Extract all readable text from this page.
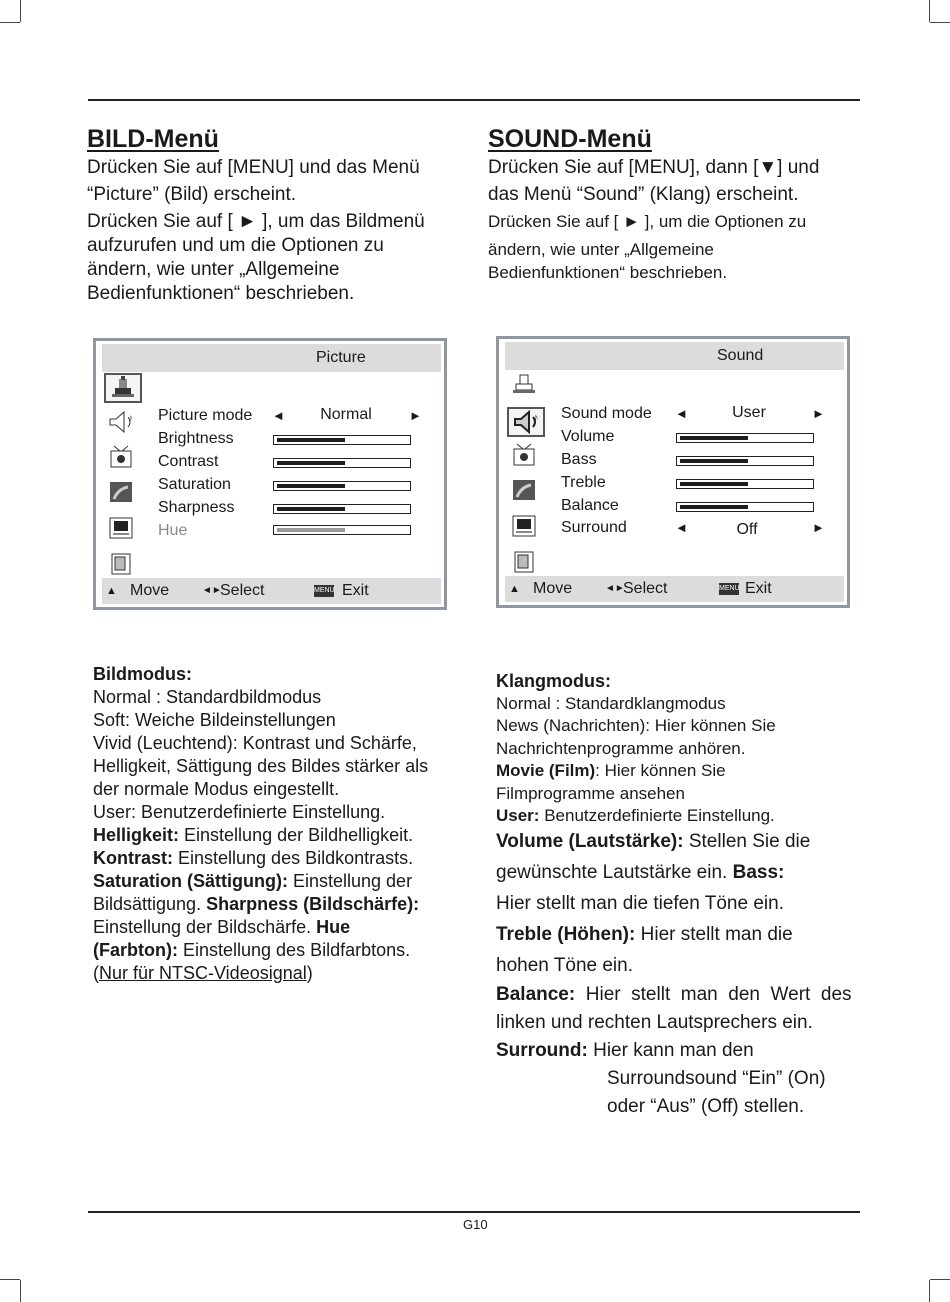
BILD-Menü
Drücken Sie auf [MENU] und das Menü
“Picture” (Bild) erscheint.
Drücken Sie auf [ ► ], um das Bildmenü
aufzurufen und um die Optionen zu
ändern, wie unter „Allgemeine
Bedienfunktionen“ beschrieben.
SOUND-Menü
Drücken Sie auf [MENU], dann [▼] und
das Menü “Sound” (Klang) erscheint.
Drücken Sie auf [ ► ], um die Optionen zu
ändern, wie unter „Allgemeine
Bedienfunktionen“ beschrieben.
Picture
♪ Picture mode ◄	Normal	►
Brightness
Contrast
Saturation
Sharpness
Hue
▲ Move	◄►
Select	MENU Exit
Sound
♪ Sound mode ◄	User	►
Volume
Bass
Treble
Balance
Surround	◄	Off	►
▲ Move	◄►
Select	MENU Exit
Bildmodus:
Normal : Standardbildmodus
Soft: Weiche Bildeinstellungen
Vivid (Leuchtend): Kontrast und Schärfe,
Helligkeit, Sättigung des Bildes stärker als
der normale Modus eingestellt.
User: Benutzerdefinierte Einstellung.
Helligkeit: Einstellung der Bildhelligkeit.
Kontrast: Einstellung des Bildkontrasts.
Saturation (Sättigung): Einstellung der
Bildsättigung. Sharpness (Bildschärfe):
Einstellung der Bildschärfe. Hue
(Farbton): Einstellung des Bildfarbtons.
(Nur für NTSC-Videosignal)
Klangmodus:
Normal : Standardklangmodus
News (Nachrichten): Hier können Sie
Nachrichtenprogramme anhören.
Movie (Film): Hier können Sie
Filmprogramme ansehen
User: Benutzerdefinierte Einstellung.
Volume (Lautstärke): Stellen Sie die
gewünschte Lautstärke ein. Bass:
Hier stellt man die tiefen Töne ein.
Treble (Höhen): Hier stellt man die
hohen Töne ein.
Balance:  Hier  stellt  man  den  Wert  des
linken und rechten Lautsprechers ein.
Surround: Hier kann man den
Surroundsound “Ein” (On)
oder “Aus” (Off) stellen.
G10
